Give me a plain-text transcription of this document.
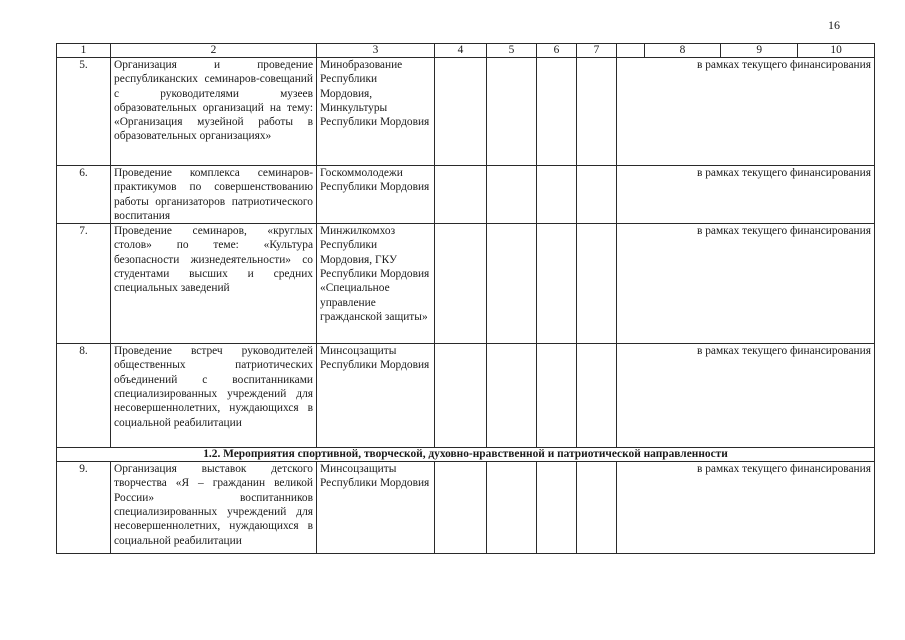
16
1	2	3	4	5	6	7	8 9 10

5.	Организация и проведение республиканских семинаров-совещаний с руководителями музеев образовательных организаций на тему: «Организация музейной работы в образовательных организациях»	Минобразование Республики Мордовия, Минкультуры Республики Мордовия					в рамках текущего финансирования
6.	Проведение комплекса семинаров-практикумов по совершенствованию работы организаторов патриотического воспитания	Госкоммолодежи Республики Мордовия					в рамках текущего финансирования
7.	Проведение семинаров, «круглых столов» по теме: «Культура безопасности жизнедеятельности» со студентами высших и средних специальных заведений	Минжилкомхоз Республики Мордовия, ГКУ Республики Мордовия «Специальное управление гражданской защиты»					в рамках текущего финансирования
8.	Проведение встреч руководителей общественных патриотических объединений с воспитанниками специализированных учреждений для несовершеннолетних, нуждающихся в социальной реабилитации	Минсоцзащиты Республики Мордовия					в рамках текущего финансирования
1.2. Мероприятия спортивной, творческой, духовно-нравственной и патриотической направленности							
9.	Организация выставок детского творчества «Я – гражданин великой России» воспитанников специализированных учреждений для несовершеннолетних, нуждающихся в социальной реабилитации	Минсоцзащиты Республики Мордовия					в рамках текущего финансирования
